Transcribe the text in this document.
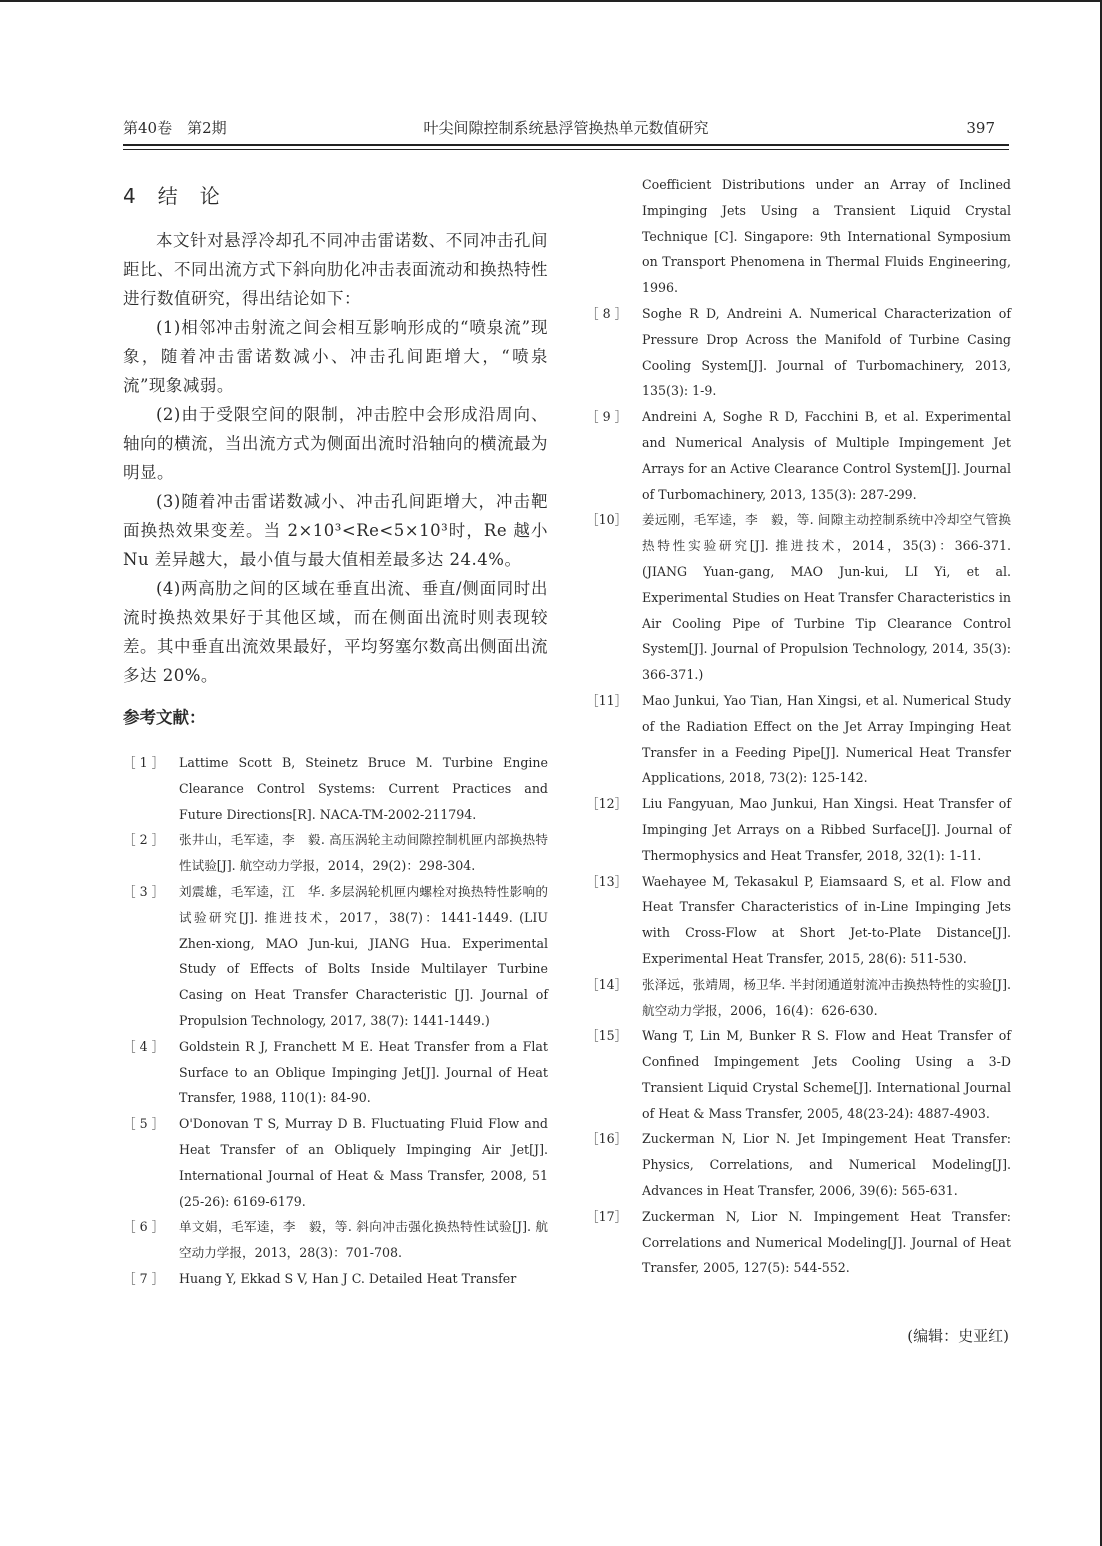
第40卷　第2期	叶尖间隙控制系统悬浮管换热单元数值研究	397
4　结　论

本文针对悬浮冷却孔不同冲击雷诺数、不同冲击孔间距比、不同出流方式下斜向肋化冲击表面流动和换热特性进行数值研究，得出结论如下：

(1)相邻冲击射流之间会相互影响形成的“喷泉流”现象，随着冲击雷诺数减小、冲击孔间距增大，“喷泉流”现象减弱。

(2)由于受限空间的限制，冲击腔中会形成沿周向、轴向的横流，当出流方式为侧面出流时沿轴向的横流最为明显。

(3)随着冲击雷诺数减小、冲击孔间距增大，冲击靶面换热效果变差。当 2×10³<Re<5×10³时，Re 越小 Nu 差异越大，最小值与最大值相差最多达 24.4%。

(4)两高肋之间的区域在垂直出流、垂直/侧面同时出流时换热效果好于其他区域，而在侧面出流时则表现较差。其中垂直出流效果最好，平均努塞尔数高出侧面出流多达 20%。

参考文献：
［ 1 ］ Lattime Scott B, Steinetz Bruce M. Turbine Engine Clearance Control Systems: Current Practices and Future Directions[R]. NACA-TM-2002-211794.
［ 2 ］ 张井山，毛军逵，李　毅. 高压涡轮主动间隙控制机匣内部换热特性试验[J]. 航空动力学报，2014，29(2)：298-304.
［ 3 ］ 刘震雄，毛军逵，江　华. 多层涡轮机匣内螺栓对换热特性影响的试验研究[J]. 推进技术，2017，38(7)：1441-1449. (LIU Zhen-xiong, MAO Jun-kui, JIANG Hua. Experimental Study of Effects of Bolts Inside Multilayer Turbine Casing on Heat Transfer Characteristic [J]. Journal of Propulsion Technology, 2017, 38(7): 1441-1449.)
［ 4 ］ Goldstein R J, Franchett M E. Heat Transfer from a Flat Surface to an Oblique Impinging Jet[J]. Journal of Heat Transfer, 1988, 110(1): 84-90.
［ 5 ］ O'Donovan T S, Murray D B. Fluctuating Fluid Flow and Heat Transfer of an Obliquely Impinging Air Jet[J]. International Journal of Heat & Mass Transfer, 2008, 51 (25-26): 6169-6179.
［ 6 ］ 单文娟，毛军逵，李　毅，等. 斜向冲击强化换热特性试验[J]. 航空动力学报，2013，28(3)：701-708.
［ 7 ］ Huang Y, Ekkad S V, Han J C. Detailed Heat Transfer
Coefficient Distributions under an Array of Inclined Impinging Jets Using a Transient Liquid Crystal Technique [C]. Singapore: 9th International Symposium on Transport Phenomena in Thermal Fluids Engineering, 1996.
［ 8 ］ Soghe R D, Andreini A. Numerical Characterization of Pressure Drop Across the Manifold of Turbine Casing Cooling System[J]. Journal of Turbomachinery, 2013, 135(3): 1-9.
［ 9 ］ Andreini A, Soghe R D, Facchini B, et al. Experimental and Numerical Analysis of Multiple Impingement Jet Arrays for an Active Clearance Control System[J]. Journal of Turbomachinery, 2013, 135(3): 287-299.
［10］ 姜远刚，毛军逵，李　毅，等. 间隙主动控制系统中冷却空气管换热特性实验研究[J]. 推进技术，2014，35(3)：366-371. (JIANG Yuan-gang, MAO Jun-kui, LI Yi, et al. Experimental Studies on Heat Transfer Characteristics in Air Cooling Pipe of Turbine Tip Clearance Control System[J]. Journal of Propulsion Technology, 2014, 35(3): 366-371.)
［11］ Mao Junkui, Yao Tian, Han Xingsi, et al. Numerical Study of the Radiation Effect on the Jet Array Impinging Heat Transfer in a Feeding Pipe[J]. Numerical Heat Transfer Applications, 2018, 73(2): 125-142.
［12］ Liu Fangyuan, Mao Junkui, Han Xingsi. Heat Transfer of Impinging Jet Arrays on a Ribbed Surface[J]. Journal of Thermophysics and Heat Transfer, 2018, 32(1): 1-11.
［13］ Waehayee M, Tekasakul P, Eiamsaard S, et al. Flow and Heat Transfer Characteristics of in-Line Impinging Jets with Cross-Flow at Short Jet-to-Plate Distance[J]. Experimental Heat Transfer, 2015, 28(6): 511-530.
［14］ 张泽远，张靖周，杨卫华. 半封闭通道射流冲击换热特性的实验[J]. 航空动力学报，2006，16(4)：626-630.
［15］ Wang T, Lin M, Bunker R S. Flow and Heat Transfer of Confined Impingement Jets Cooling Using a 3-D Transient Liquid Crystal Scheme[J]. International Journal of Heat & Mass Transfer, 2005, 48(23-24): 4887-4903.
［16］ Zuckerman N, Lior N. Jet Impingement Heat Transfer: Physics, Correlations, and Numerical Modeling[J]. Advances in Heat Transfer, 2006, 39(6): 565-631.
［17］ Zuckerman N, Lior N. Impingement Heat Transfer: Correlations and Numerical Modeling[J]. Journal of Heat Transfer, 2005, 127(5): 544-552.
(编辑：史亚红)
